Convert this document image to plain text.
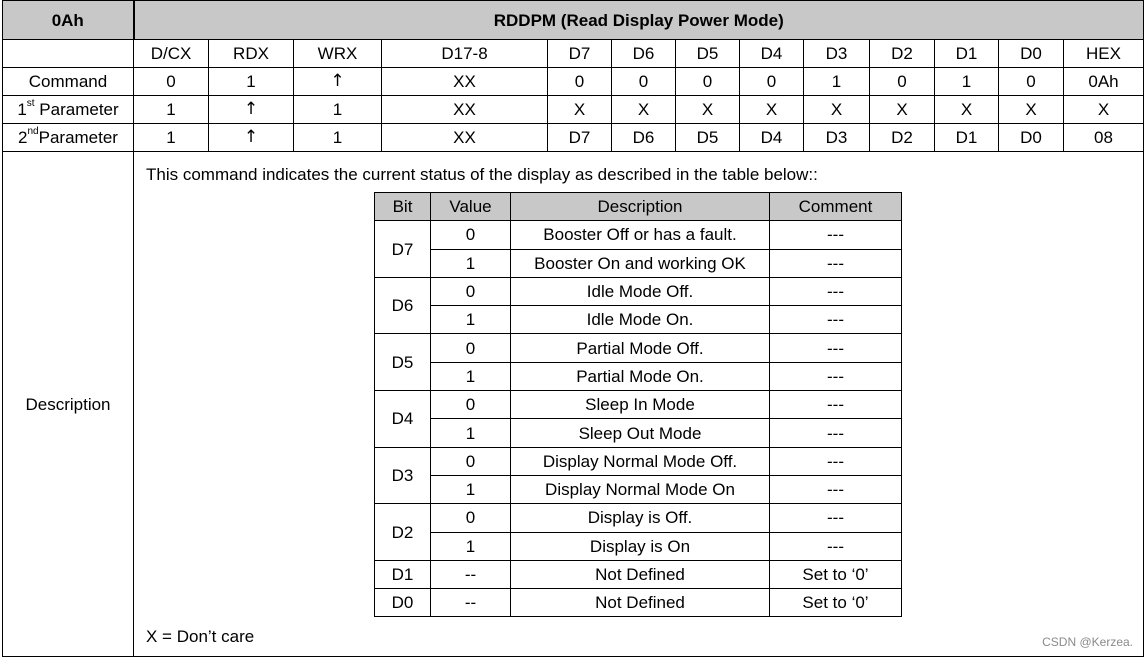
0Ah	RDDPM (Read Display Power Mode)
	D/CX	RDX	WRX	D17-8	D7	D6	D5	D4	D3	D2	D1	D0	HEX
Command	0	1	↑	XX	0	0	0	0	1	0	1	0	0Ah
1st Parameter	1	↑	1	XX	X	X	X	X	X	X	X	X	X
2ndParameter	1	↑	1	XX	D7	D6	D5	D4	D3	D2	D1	D0	08
Description	
This command indicates the current status of the display as described in the table below::
Bit	Value	Description	Comment
D7	0	Booster Off or has a fault.	---
1	Booster On and working OK	---
D6	0	Idle Mode Off.	---
1	Idle Mode On.	---
D5	0	Partial Mode Off.	---
1	Partial Mode On.	---
D4	0	Sleep In Mode	---
1	Sleep Out Mode	---
D3	0	Display Normal Mode Off.	---
1	Display Normal Mode On	---
D2	0	Display is Off.	---
1	Display is On	---
D1	--	Not Defined	Set to ‘0’
D0	--	Not Defined	Set to ‘0’
X = Don’t care	CSDN @Kerzea.
